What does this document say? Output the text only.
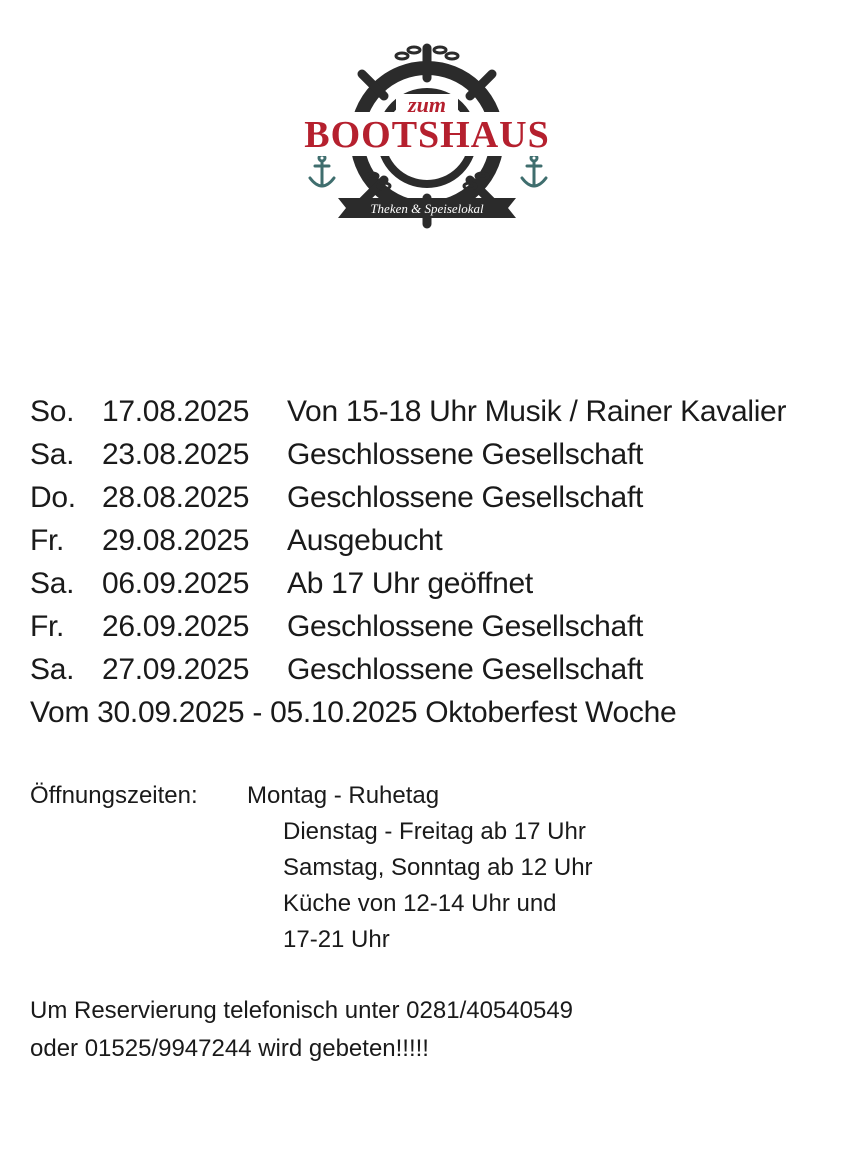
zum
BOOTSHAUS
Theken & Speiselokal
So. 17.08.2025	Von 15-18 Uhr Musik / Rainer Kavalier
Sa. 23.08.2025	Geschlossene Gesellschaft
Do. 28.08.2025	Geschlossene Gesellschaft
Fr.	29.08.2025	Ausgebucht
Sa. 06.09.2025	Ab 17 Uhr geöffnet
Fr.	26.09.2025	Geschlossene Gesellschaft
Sa. 27.09.2025	Geschlossene Gesellschaft
Vom 30.09.2025 - 05.10.2025 Oktoberfest Woche
Öffnungszeiten:	Montag - Ruhetag
Dienstag - Freitag ab 17 Uhr
Samstag, Sonntag ab 12 Uhr
Küche von 12-14 Uhr und
17-21 Uhr
Um Reservierung telefonisch unter 0281/40540549
oder 01525/9947244 wird gebeten!!!!!
